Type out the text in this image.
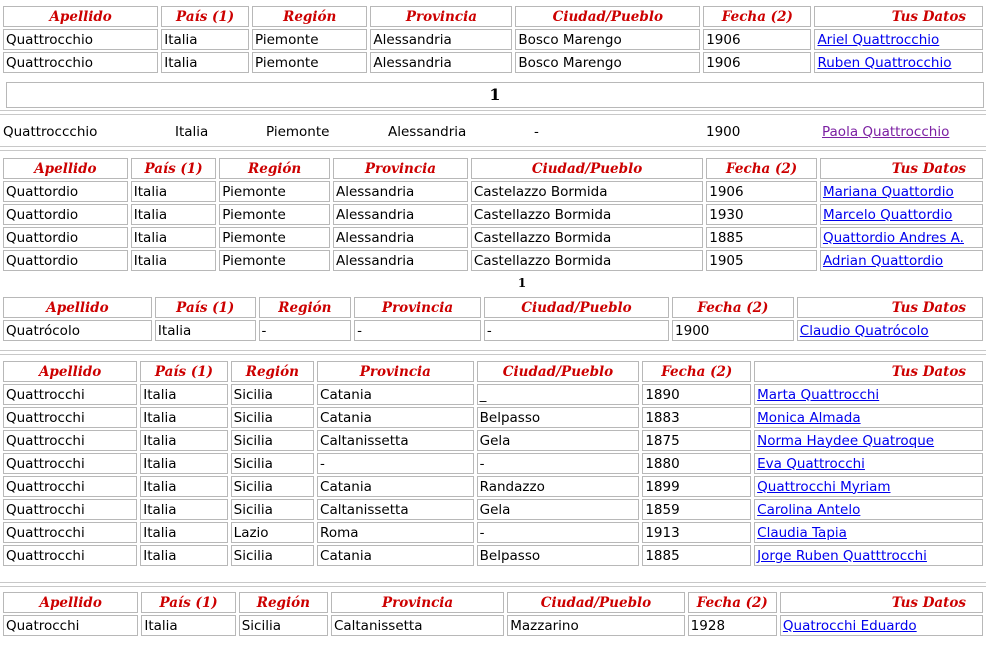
Apellido	País (1)	Región	Provincia	Ciudad/Pueblo	Fecha (2)	Tus Datos
Quattrocchio	Italia	Piemonte	Alessandria	Bosco Marengo	1906	Ariel Quattrocchio
Quattrocchio	Italia	Piemonte	Alessandria	Bosco Marengo	1906	Ruben Quattrocchio
1
Quattroccchio	Italia	Piemonte	Alessandria	-	1900	Paola Quattrocchio
Apellido	País (1)	Región	Provincia	Ciudad/Pueblo	Fecha (2)	Tus Datos
Quattordio	Italia	Piemonte	Alessandria	Castelazzo Bormida	1906	Mariana Quattordio
Quattordio	Italia	Piemonte	Alessandria	Castellazzo Bormida	1930	Marcelo Quattordio
Quattordio	Italia	Piemonte	Alessandria	Castellazzo Bormida	1885	Quattordio Andres A.
Quattordio	Italia	Piemonte	Alessandria	Castellazzo Bormida	1905	Adrian Quattordio
1
Apellido	País (1)	Región	Provincia	Ciudad/Pueblo	Fecha (2)	Tus Datos
Quatrócolo	Italia	-	-	-	1900	Claudio Quatrócolo
Apellido	País (1)	Región	Provincia	Ciudad/Pueblo	Fecha (2)	Tus Datos
Quattrocchi	Italia	Sicilia	Catania	_	1890	Marta Quattrocchi
Quattrocchi	Italia	Sicilia	Catania	Belpasso	1883	Monica Almada
Quattrocchi	Italia	Sicilia	Caltanissetta	Gela	1875	Norma Haydee Quatroque
Quattrocchi	Italia	Sicilia	-	-	1880	Eva Quattrocchi
Quattrocchi	Italia	Sicilia	Catania	Randazzo	1899	Quattrocchi Myriam
Quattrocchi	Italia	Sicilia	Caltanissetta	Gela	1859	Carolina Antelo
Quattrocchi	Italia	Lazio	Roma	-	1913	Claudia Tapia
Quattrocchi	Italia	Sicilia	Catania	Belpasso	1885	Jorge Ruben Quatttrocchi
Apellido	País (1)	Región	Provincia	Ciudad/Pueblo	Fecha (2)	Tus Datos
Quatrocchi	Italia	Sicilia	Caltanissetta	Mazzarino	1928	Quatrocchi Eduardo
